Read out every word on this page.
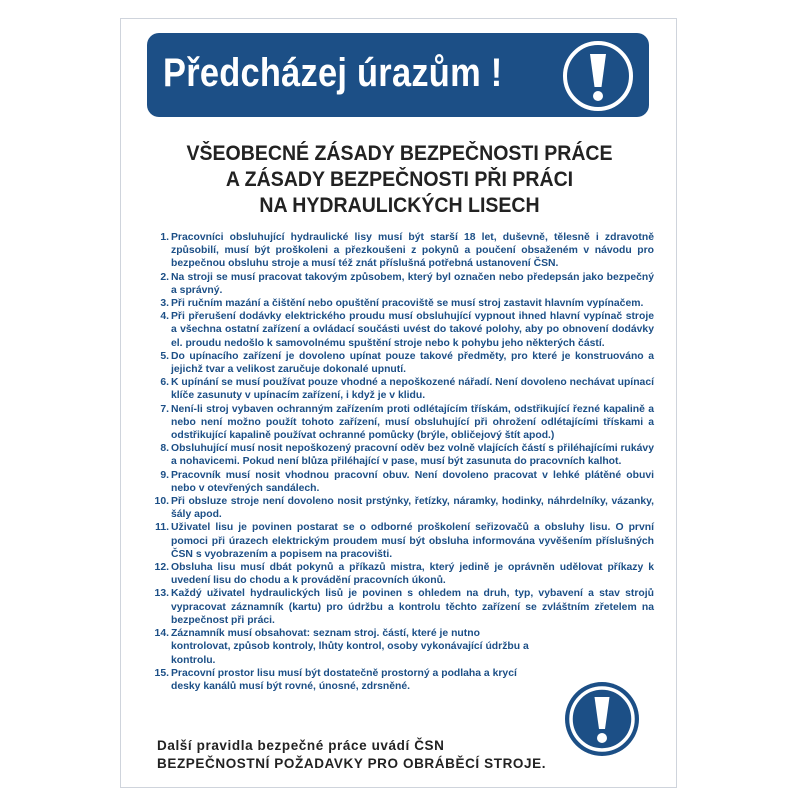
Předcházej úrazům !
VŠEOBECNÉ ZÁSADY BEZPEČNOSTI PRÁCE
A ZÁSADY BEZPEČNOSTI PŘI PRÁCI
NA HYDRAULICKÝCH LISECH
1. Pracovníci obsluhující hydraulické lisy musí být starší 18 let, duševně, tělesně i zdravotně způsobilí, musí být proškoleni a přezkoušeni z pokynů a poučení obsaženém v návodu pro bezpečnou obsluhu stroje a musí též znát příslušná potřebná ustanovení ČSN.
2. Na stroji se musí pracovat takovým způsobem, který byl označen nebo předepsán jako bezpečný a správný.
3. Při ručním mazání a čištění nebo opuštění pracoviště se musí stroj zastavit hlavním vypínačem.
4. Při přerušení dodávky elektrického proudu musí obsluhující vypnout ihned hlavní vypínač stroje a všechna ostatní zařízení a ovládací součásti uvést do takové polohy, aby po obnovení dodávky el. proudu nedošlo k samovolnému spuštění stroje nebo k pohybu jeho některých částí.
5. Do upínacího zařízení je dovoleno upínat pouze takové předměty, pro které je konstruováno a jejichž tvar a velikost zaručuje dokonalé upnutí.
6. K upínání se musí používat pouze vhodné a nepoškozené nářadí. Není dovoleno nechávat upínací klíče zasunuty v upínacím zařízení, i když je v klidu.
7. Není-li stroj vybaven ochranným zařízením proti odlétajícím třískám, odstřikující řezné kapalině a nebo není možno použít tohoto zařízení, musí obsluhující při ohrožení odlétajícími třískami a odstřikující kapalině používat ochranné pomůcky (brýle, obličejový štít apod.)
8. Obsluhující musí nosit nepoškozený pracovní oděv bez volně vlajících částí s přiléhajícími rukávy a nohavicemi. Pokud není blůza přiléhající v pase, musí být zasunuta do pracovních kalhot.
9. Pracovník musí nosit vhodnou pracovní obuv. Není dovoleno pracovat v lehké plátěné obuvi nebo v otevřených sandálech.
10. Při obsluze stroje není dovoleno nosit prstýnky, řetízky, náramky, hodinky, náhrdelníky, vázanky, šály apod.
11. Uživatel lisu je povinen postarat se o odborné proškolení seřizovačů a obsluhy lisu. O první pomoci při úrazech elektrickým proudem musí být obsluha informována vyvěšením příslušných ČSN s vyobrazením a popisem na pracovišti.
12. Obsluha lisu musí dbát pokynů a příkazů mistra, který jedině je oprávněn udělovat příkazy k uvedení lisu do chodu a k provádění pracovních úkonů.
13. Každý uživatel hydraulických lisů je povinen s ohledem na druh, typ, vybavení a stav strojů vypracovat záznamník (kartu) pro údržbu a kontrolu těchto zařízení se zvláštním zřetelem na bezpečnost při práci.
14. Záznamník musí obsahovat: seznam stroj. částí, které je nutno kontrolovat, způsob kontroly, lhůty kontrol, osoby vykonávající údržbu a kontrolu.
15. Pracovní prostor lisu musí být dostatečně prostorný a podlaha a krycí desky kanálů musí být rovné, únosné, zdrsněné.
Další pravidla bezpečné práce uvádí ČSN
BEZPEČNOSTNÍ POŽADAVKY PRO OBRÁBĚCÍ STROJE.
